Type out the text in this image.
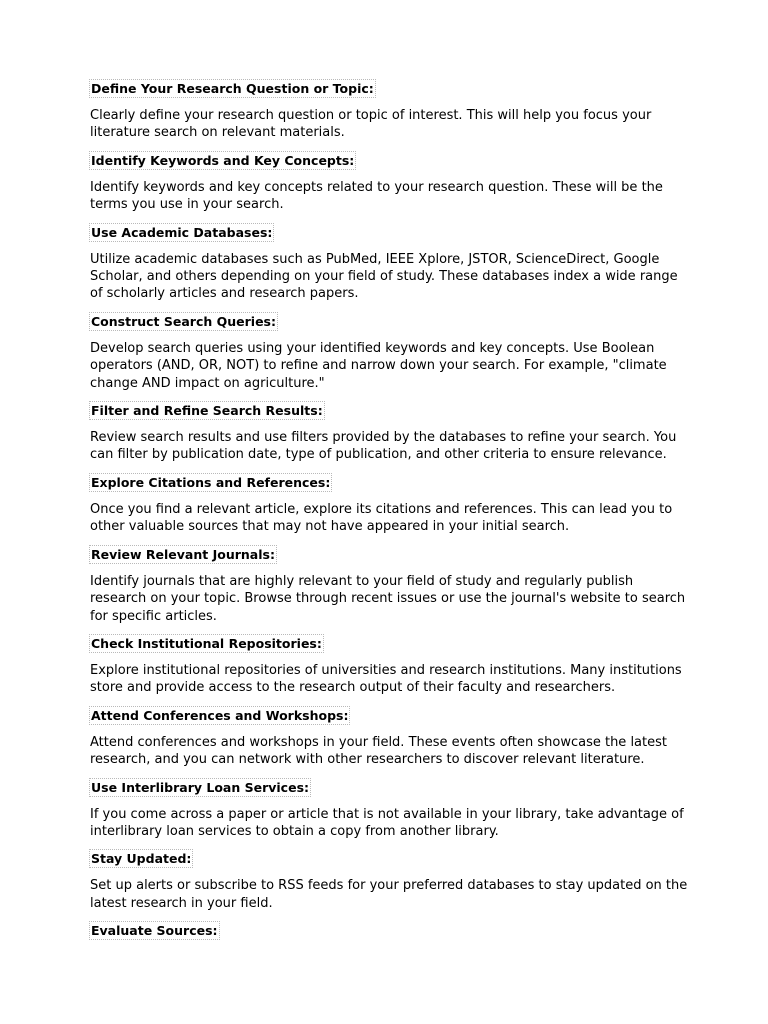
Define Your Research Question or Topic:

Clearly define your research question or topic of interest. This will help you focus your literature search on relevant materials.

Identify Keywords and Key Concepts:

Identify keywords and key concepts related to your research question. These will be the terms you use in your search.

Use Academic Databases:

Utilize academic databases such as PubMed, IEEE Xplore, JSTOR, ScienceDirect, Google Scholar, and others depending on your field of study. These databases index a wide range of scholarly articles and research papers.

Construct Search Queries:

Develop search queries using your identified keywords and key concepts. Use Boolean operators (AND, OR, NOT) to refine and narrow down your search. For example, "climate change AND impact on agriculture."

Filter and Refine Search Results:

Review search results and use filters provided by the databases to refine your search. You can filter by publication date, type of publication, and other criteria to ensure relevance.

Explore Citations and References:

Once you find a relevant article, explore its citations and references. This can lead you to other valuable sources that may not have appeared in your initial search.

Review Relevant Journals:

Identify journals that are highly relevant to your field of study and regularly publish research on your topic. Browse through recent issues or use the journal's website to search for specific articles.

Check Institutional Repositories:

Explore institutional repositories of universities and research institutions. Many institutions store and provide access to the research output of their faculty and researchers.

Attend Conferences and Workshops:

Attend conferences and workshops in your field. These events often showcase the latest research, and you can network with other researchers to discover relevant literature.

Use Interlibrary Loan Services:

If you come across a paper or article that is not available in your library, take advantage of interlibrary loan services to obtain a copy from another library.

Stay Updated:

Set up alerts or subscribe to RSS feeds for your preferred databases to stay updated on the latest research in your field.

Evaluate Sources:
